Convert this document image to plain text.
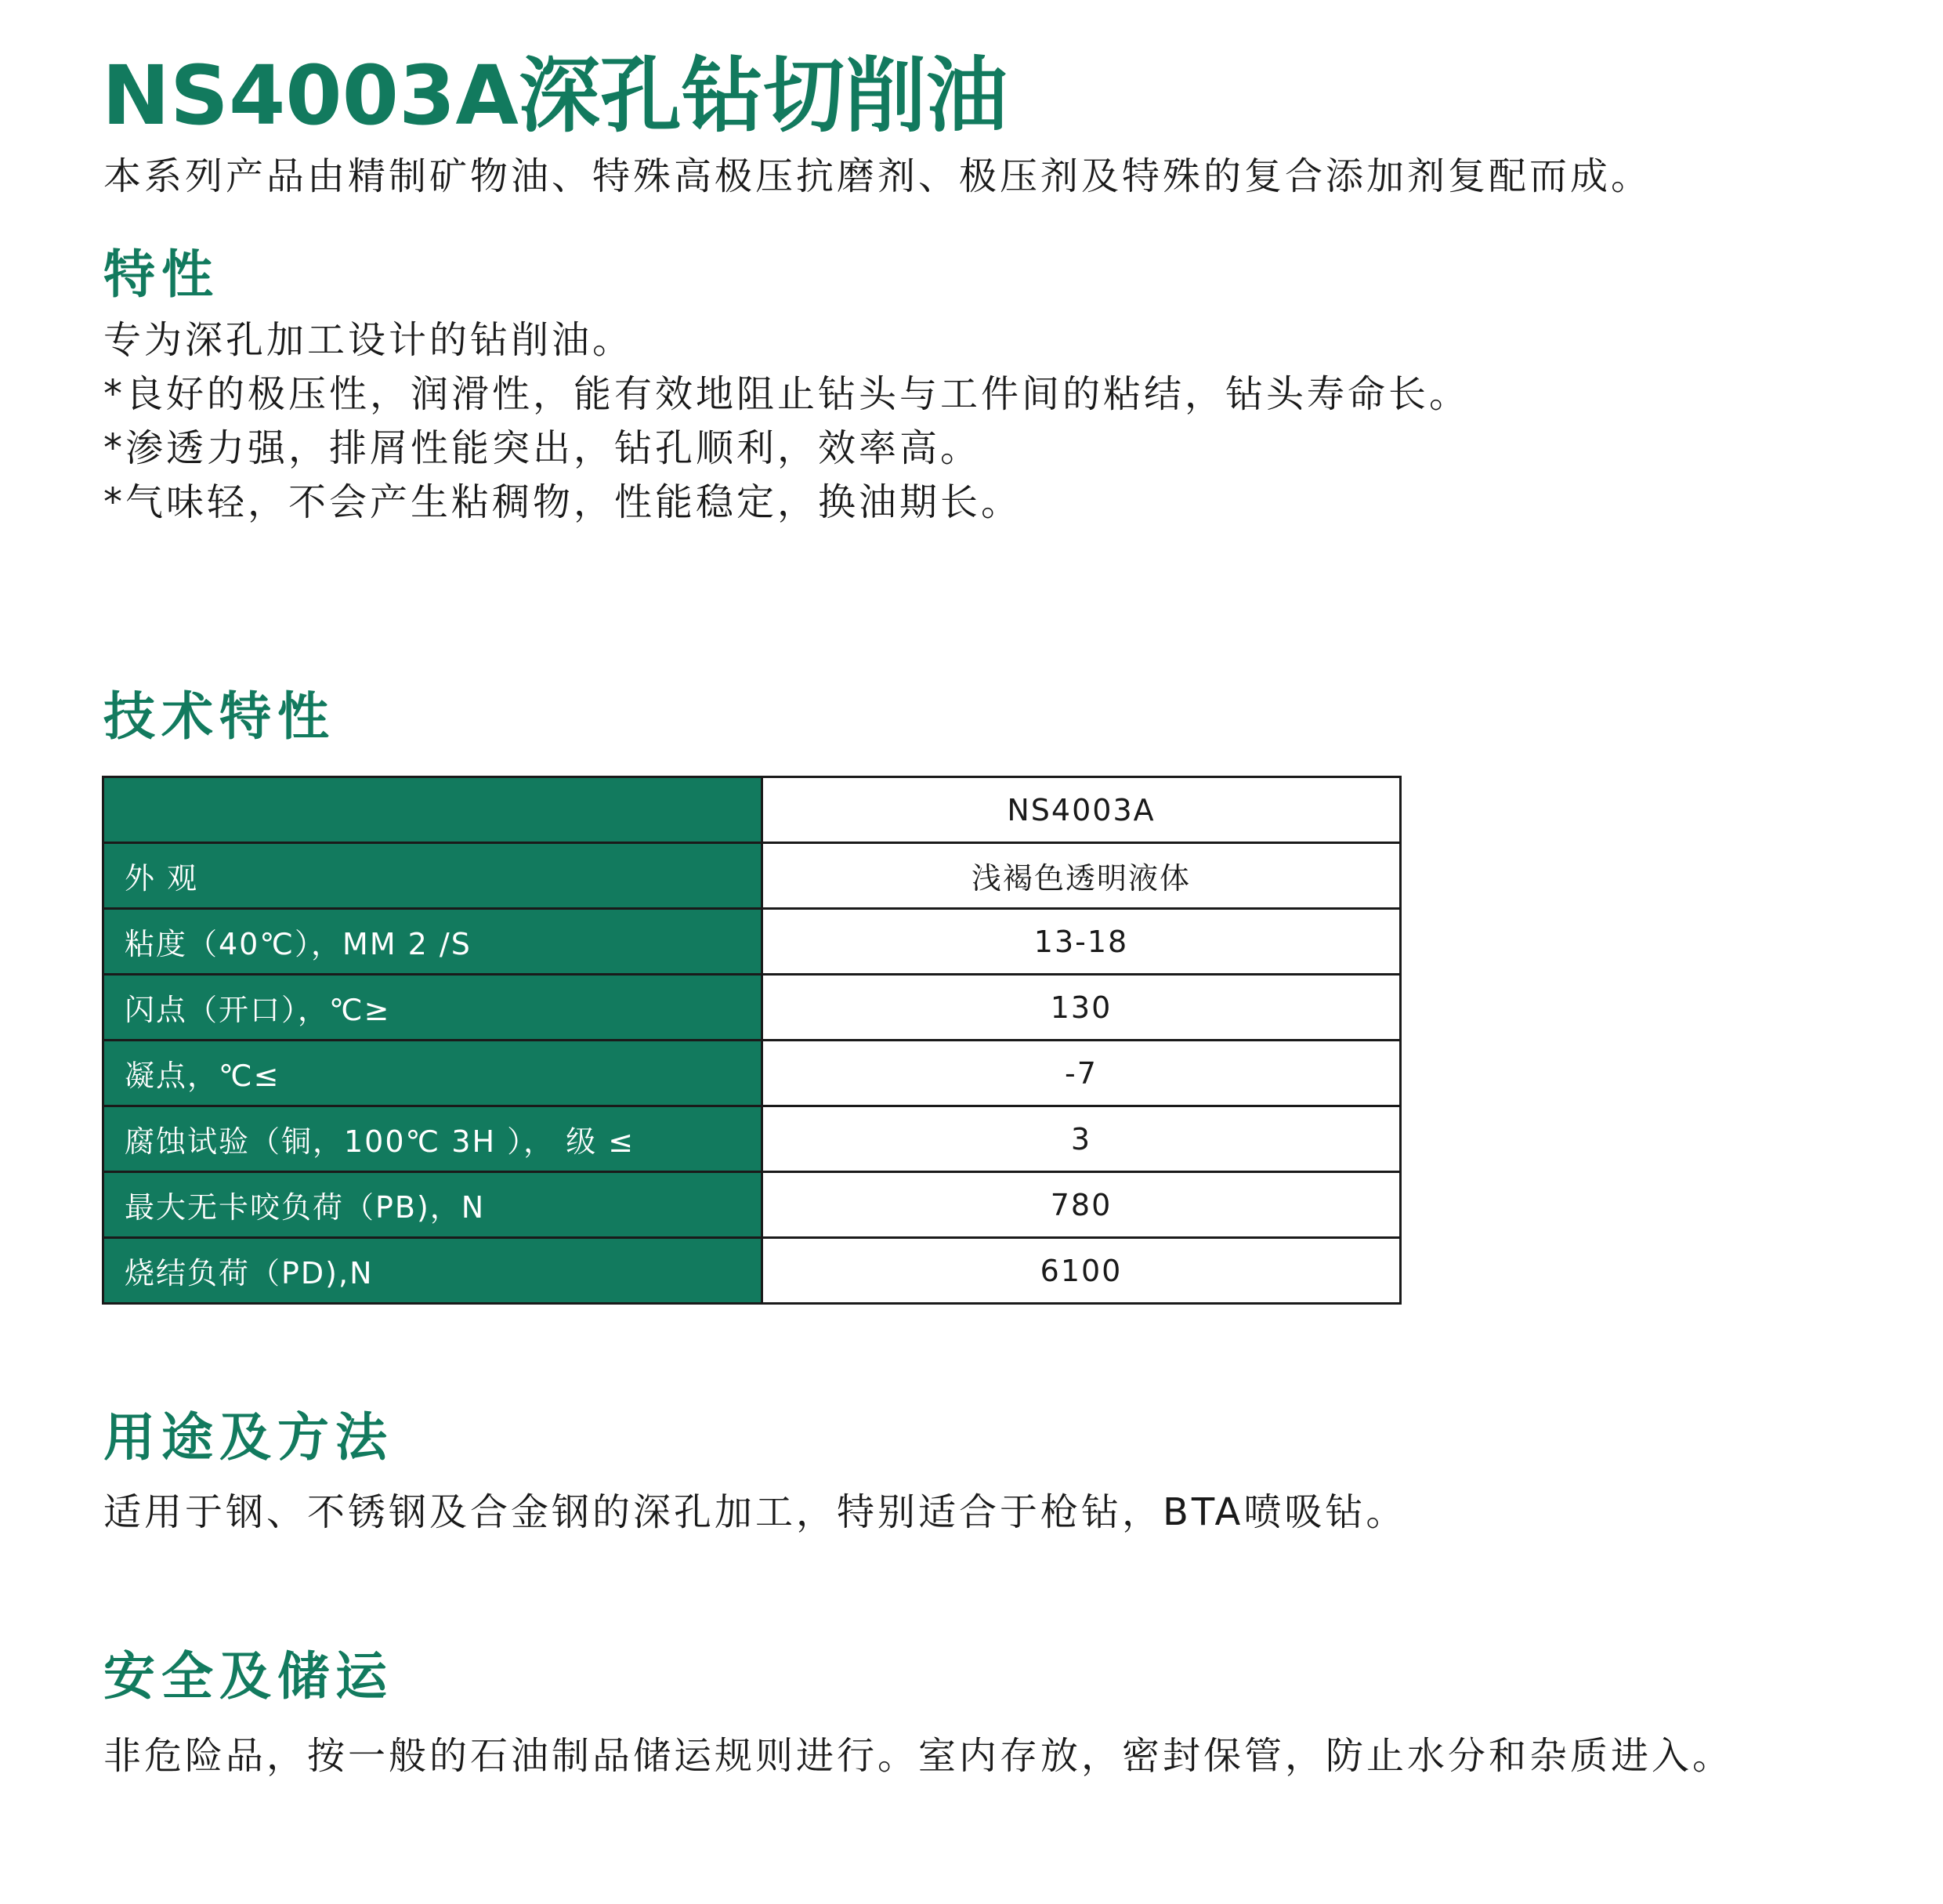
NS4003A深孔钻切削油

本系列产品由精制矿物油、特殊高极压抗磨剂、极压剂及特殊的复合添加剂复配而成。

特性
专为深孔加工设计的钻削油。
*良好的极压性，润滑性，能有效地阻止钻头与工件间的粘结，钻头寿命长。
*渗透力强，排屑性能突出，钻孔顺利，效率高。
*气味轻，不会产生粘稠物，性能稳定，换油期长。
技术特性
	NS4003A
外 观	浅褐色透明液体
粘度（40℃），MM 2 /S	13-18
闪点（开口），℃≥	130
凝点，℃≤	-7
腐蚀试验（铜，100℃ 3H ）， 级 ≤	3
最大无卡咬负荷（PB)，N	780
烧结负荷（PD),N	6100
用途及方法

适用于钢、不锈钢及合金钢的深孔加工，特别适合于枪钻，BTA喷吸钻。

安全及储运

非危险品，按一般的石油制品储运规则进行。室内存放，密封保管，防止水分和杂质进入。
